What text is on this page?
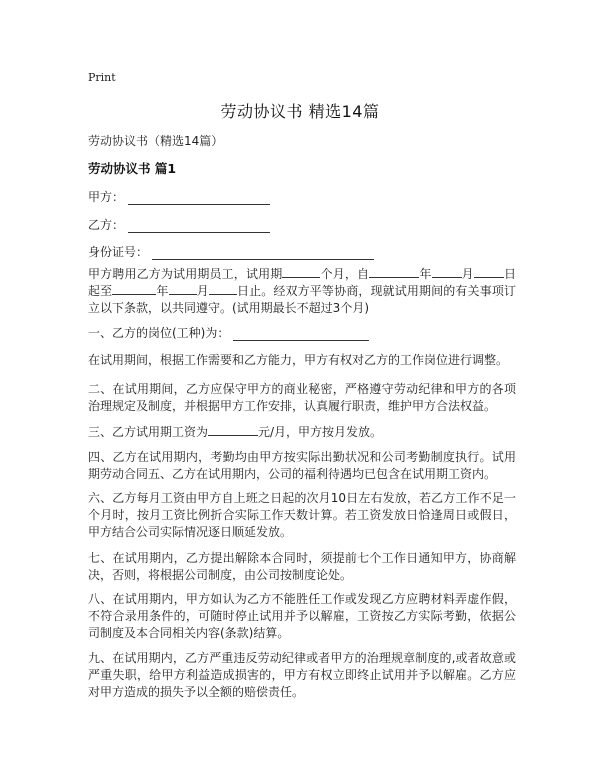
Print
劳动协议书 精选14篇
劳动协议书（精选14篇）
劳动协议书 篇1
甲方：
乙方：
身份证号：

甲方聘用乙方为试用期员工，试用期	个月，自	年	月	日起至	年 月 日止。经双方平等协商，现就试用期间的有关事项订立以下条款，以共同遵守。(试用期最长不超过3个月)

一、乙方的岗位(工种)为：

在试用期间，根据工作需要和乙方能力，甲方有权对乙方的工作岗位进行调整。

二、在试用期间，乙方应保守甲方的商业秘密，严格遵守劳动纪律和甲方的各项治理规定及制度，并根据甲方工作安排，认真履行职责，维护甲方合法权益。

三、乙方试用期工资为	元/月，甲方按月发放。

四、乙方在试用期内，考勤均由甲方按实际出勤状况和公司考勤制度执行。试用期劳动合同五、乙方在试用期内，公司的福利待遇均已包含在试用期工资内。

六、乙方每月工资由甲方自上班之日起的次月10日左右发放，若乙方工作不足一个月时，按月工资比例折合实际工作天数计算。若工资发放日恰逢周日或假日，甲方结合公司实际情况逐日顺延发放。

七、在试用期内，乙方提出解除本合同时，须提前七个工作日通知甲方，协商解决，否则，将根据公司制度，由公司按制度论处。

八、在试用期内，甲方如认为乙方不能胜任工作或发现乙方应聘材料弄虚作假，不符合录用条件的，可随时停止试用并予以解雇，工资按乙方实际考勤，依据公司制度及本合同相关内容(条款)结算。

九、在试用期内，乙方严重违反劳动纪律或者甲方的治理规章制度的,或者故意或严重失职，给甲方利益造成损害的，甲方有权立即终止试用并予以解雇。乙方应对甲方造成的损失予以全额的赔偿责任。
